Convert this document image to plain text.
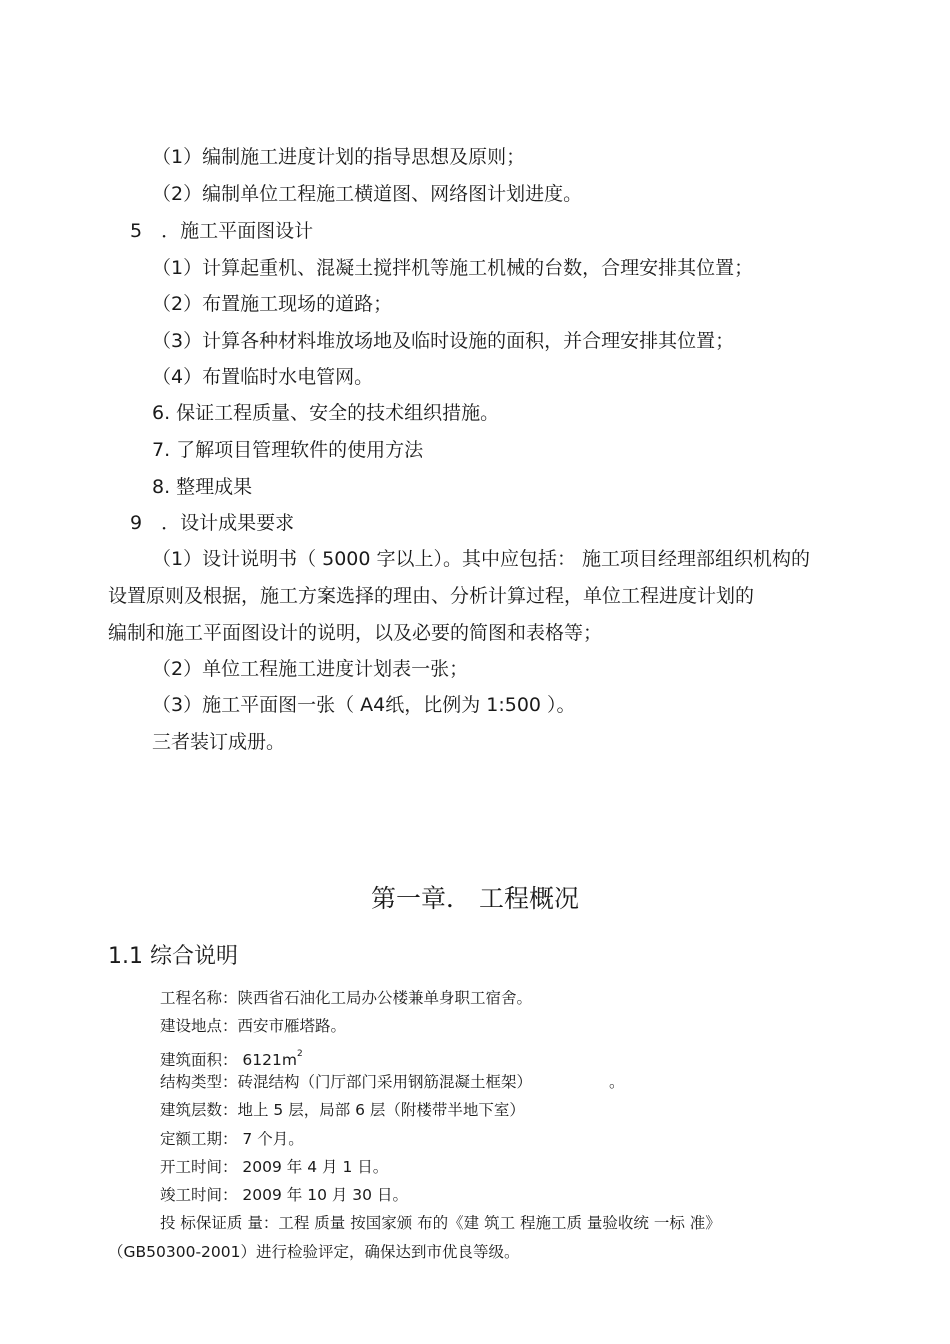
（1）编制施工进度计划的指导思想及原则；
（2）编制单位工程施工横道图、网络图计划进度。
5　．施工平面图设计
（1）计算起重机、混凝土搅拌机等施工机械的台数，合理安排其位置；
（2）布置施工现场的道路；
（3）计算各种材料堆放场地及临时设施的面积，并合理安排其位置；
（4）布置临时水电管网。
6. 保证工程质量、安全的技术组织措施。
7. 了解项目管理软件的使用方法
8. 整理成果
9　．设计成果要求
（1）设计说明书（ 5000 字以上）。其中应包括： 施工项目经理部组织机构的
设置原则及根据，施工方案选择的理由、分析计算过程，单位工程进度计划的
编制和施工平面图设计的说明，以及必要的简图和表格等；
（2）单位工程施工进度计划表一张；
（3）施工平面图一张（ A4纸，比例为 1:500 ）。
三者装订成册。
第一章． 工程概况
1.1 综合说明
工程名称：陕西省石油化工局办公楼兼单身职工宿舍。
建设地点：西安市雁塔路。
建筑面积： $6121m^2$
结构类型：砖混结构（门厅部门采用钢筋混凝土框架）	。
建筑层数：地上 5 层，局部 6 层（附楼带半地下室）
定额工期： 7 个月。
开工时间： 2009 年 4 月 1 日。
竣工时间： 2009 年 10 月 30 日。
投 标保证质 量：工程 质量 按国家颁 布的《建 筑工 程施工质 量验收统 一标 准》
（GB50300-2001）进行检验评定，确保达到市优良等级。
